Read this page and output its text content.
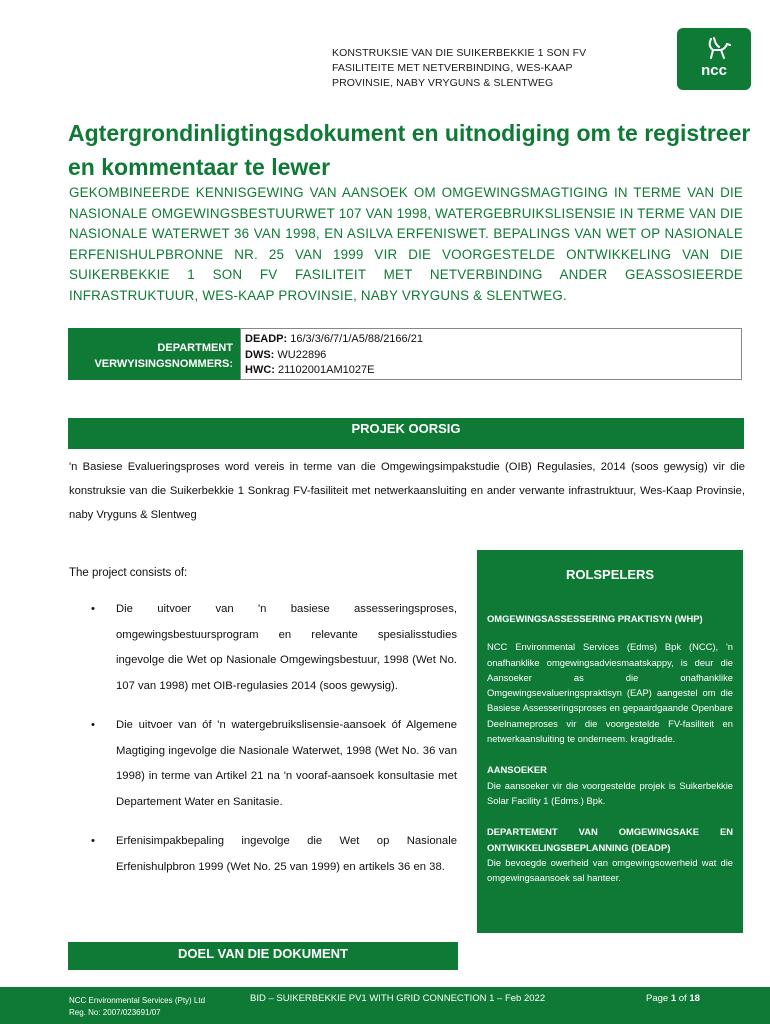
KONSTRUKSIE VAN DIE SUIKERBEKKIE 1 SON FV
FASILITEITE MET NETVERBINDING, WES-KAAP
PROVINSIE, NABY VRYGUNS & SLENTWEG
ncc
Agtergrondinligtingsdokument en uitnodiging om te registreer en kommentaar te lewer
GEKOMBINEERDE KENNISGEWING VAN AANSOEK OM OMGEWINGSMAGTIGING IN TERME VAN DIE NASIONALE OMGEWINGSBESTUURWET 107 VAN 1998, WATERGEBRUIKSLISENSIE IN TERME VAN DIE NASIONALE WATERWET 36 VAN 1998, EN ASILVA ERFENISWET. BEPALINGS VAN WET OP NASIONALE ERFENISHULPBRONNE NR. 25 VAN 1999 VIR DIE VOORGESTELDE ONTWIKKELING VAN DIE SUIKERBEKKIE 1 SON FV FASILITEIT MET NETVERBINDING ANDER GEASSOSIEERDE INFRASTRUKTUUR, WES-KAAP PROVINSIE, NABY VRYGUNS & SLENTWEG.
DEPARTMENT
VERWYISINGSNOMMERS:
DEADP: 16/3/3/6/7/1/A5/88/2166/21
DWS: WU22896
HWC: 21102001AM1027E
PROJEK OORSIG
'n Basiese Evalueringsproses word vereis in terme van die Omgewingsimpakstudie (OIB) Regulasies, 2014 (soos gewysig) vir die konstruksie van die Suikerbekkie 1 Sonkrag FV-fasiliteit met netwerkaansluiting en ander verwante infrastruktuur, Wes-Kaap Provinsie, naby Vryguns & Slentweg
The project consists of:
• Die uitvoer van 'n basiese assesseringsproses, omgewingsbestuursprogram en relevante spesialisstudies ingevolge die Wet op Nasionale Omgewingsbestuur, 1998 (Wet No. 107 van 1998) met OIB-regulasies 2014 (soos gewysig).
• Die uitvoer van óf 'n watergebruikslisensie-aansoek óf Algemene Magtiging ingevolge die Nasionale Waterwet, 1998 (Wet No. 36 van 1998) in terme van Artikel 21 na 'n vooraf-aansoek konsultasie met Departement Water en Sanitasie.
• Erfenisimpakbepaling ingevolge die Wet op Nasionale Erfenishulpbron 1999 (Wet No. 25 van 1999) en artikels 36 en 38.
ROLSPELERS
OMGEWINGSASSESSERING PRAKTISYN (WHP)
NCC Environmental Services (Edms) Bpk (NCC), 'n onafhanklike omgewingsadviesmaatskappy, is deur die Aansoeker as die onafhanklike Omgewingsevalueringspraktisyn (EAP) aangestel om die Basiese Assesseringsproses en gepaardgaande Openbare Deelnameproses vir die voorgestelde FV-fasiliteit en netwerkaansluiting te onderneem. kragdrade.
AANSOEKER
Die aansoeker vir die voorgestelde projek is Suikerbekkie Solar Facility 1 (Edms.) Bpk.
DEPARTEMENT VAN OMGEWINGSAKE EN ONTWIKKELINGSBEPLANNING (DEADP)
Die bevoegde owerheid van omgewingsowerheid wat die omgewingsaansoek sal hanteer.
DOEL VAN DIE DOKUMENT
NCC Environmental Services (Pty) Ltd
Reg. No: 2007/023691/07
BID – SUIKERBEKKIE PV1 WITH GRID CONNECTION 1 – Feb 2022	Page 1 of 18
